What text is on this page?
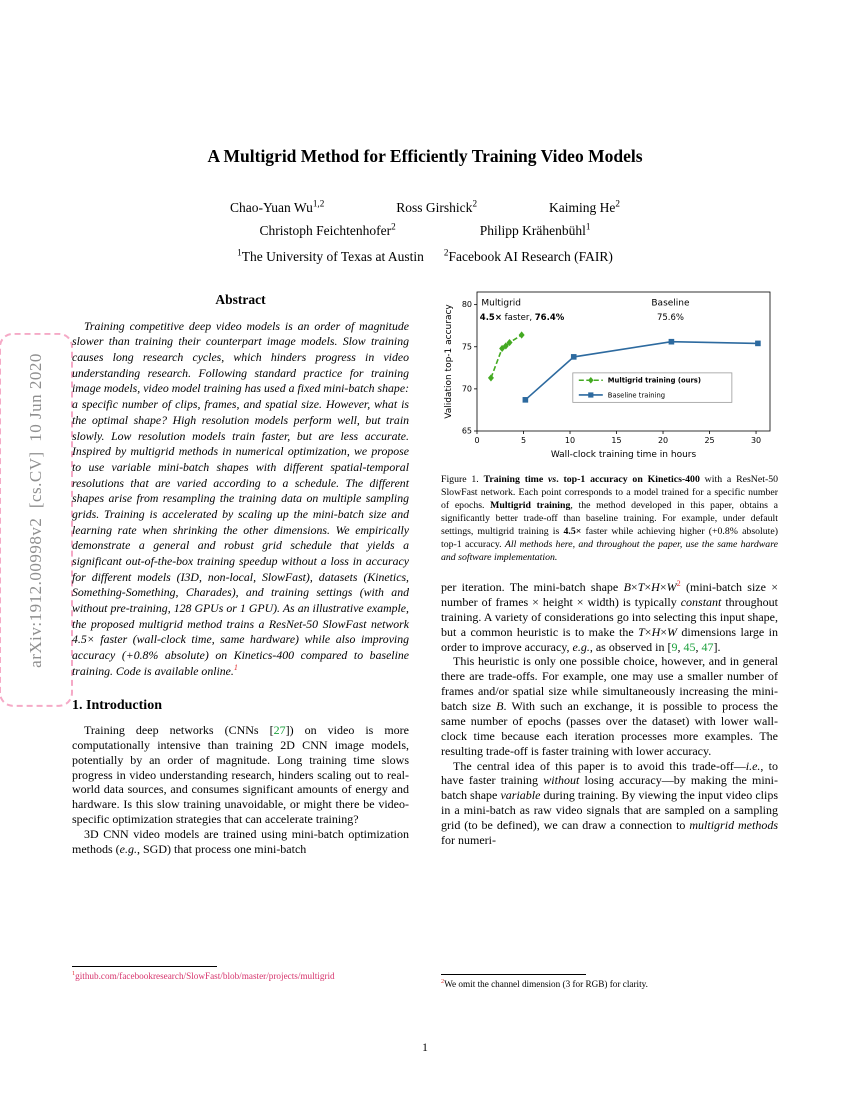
arXiv:1912.00998v2  [cs.CV]  10 Jun 2020

A Multigrid Method for Efficiently Training Video Models
Chao-Yuan Wu$^{1,2}$	Ross Girshick$^2$	Kaiming He$^2$
Christoph Feichtenhofer$^2$	Philipp Krähenbühl$^1$
$^1$The University of Texas at Austin $^2$Facebook AI Research (FAIR)
Abstract

Training competitive deep video models is an order of magnitude slower than training their counterpart image models. Slow training causes long research cycles, which hinders progress in video understanding research. Following standard practice for training image models, video model training has used a fixed mini-batch shape: a specific number of clips, frames, and spatial size. However, what is the optimal shape? High resolution models perform well, but train slowly. Low resolution models train faster, but are less accurate. Inspired by multigrid methods in numerical optimization, we propose to use variable mini-batch shapes with different spatial-temporal resolutions that are varied according to a schedule. The different shapes arise from resampling the training data on multiple sampling grids. Training is accelerated by scaling up the mini-batch size and learning rate when shrinking the other dimensions. We empirically demonstrate a general and robust grid schedule that yields a significant out-of-the-box training speedup without a loss in accuracy for different models (I3D, non-local, SlowFast), datasets (Kinetics, Something-Something, Charades), and training settings (with and without pre-training, 128 GPUs or 1 GPU). As an illustrative example, the proposed multigrid method trains a ResNet-50 SlowFast network 4.5× faster (wall-clock time, same hardware) while also improving accuracy (+0.8% absolute) on Kinetics-400 compared to baseline training. Code is available online.$^1$

1. Introduction

Training deep networks (CNNs [27]) on video is more computationally intensive than training 2D CNN image models, potentially by an order of magnitude. Long training time slows progress in video understanding research, hinders scaling out to real-world data sources, and consumes significant amounts of energy and hardware. Is this slow training unavoidable, or might there be video-specific optimization strategies that can accelerate training?

3D CNN video models are trained using mini-batch optimization methods (e.g., SGD) that process one mini-batch

0	5	10	15	20	25	30
65
70
75
80
Wall-clock training time in hours
Validation top-1 accuracy	Multigrid training (ours)
Baseline training
Multigrid
4.5× faster, 76.4%
Baseline
75.6%
Figure 1. Training time vs. top-1 accuracy on Kinetics-400 with a ResNet-50 SlowFast network. Each point corresponds to a model trained for a specific number of epochs. Multigrid training, the method developed in this paper, obtains a significantly better trade-off than baseline training. For example, under default settings, multigrid training is 4.5× faster while achieving higher (+0.8% absolute) top-1 accuracy. All methods here, and throughout the paper, use the same hardware and software implementation.

per iteration. The mini-batch shape B×T×H×W$^2$ (mini-batch size × number of frames × height × width) is typically constant throughout training. A variety of considerations go into selecting this input shape, but a common heuristic is to make the T×H×W dimensions large in order to improve accuracy, e.g., as observed in [9, 45, 47].

This heuristic is only one possible choice, however, and in general there are trade-offs. For example, one may use a smaller number of frames and/or spatial size while simultaneously increasing the mini-batch size B. With such an exchange, it is possible to process the same number of epochs (passes over the dataset) with lower wall-clock time because each iteration processes more examples. The resulting trade-off is faster training with lower accuracy.

The central idea of this paper is to avoid this trade-off—i.e., to have faster training without losing accuracy—by making the mini-batch shape variable during training. By viewing the input video clips in a mini-batch as raw video signals that are sampled on a sampling grid (to be defined), we can draw a connection to multigrid methods for numeri-

$^1$github.com/facebookresearch/SlowFast/blob/master/projects/multigrid
$^2$We omit the channel dimension (3 for RGB) for clarity.
1
